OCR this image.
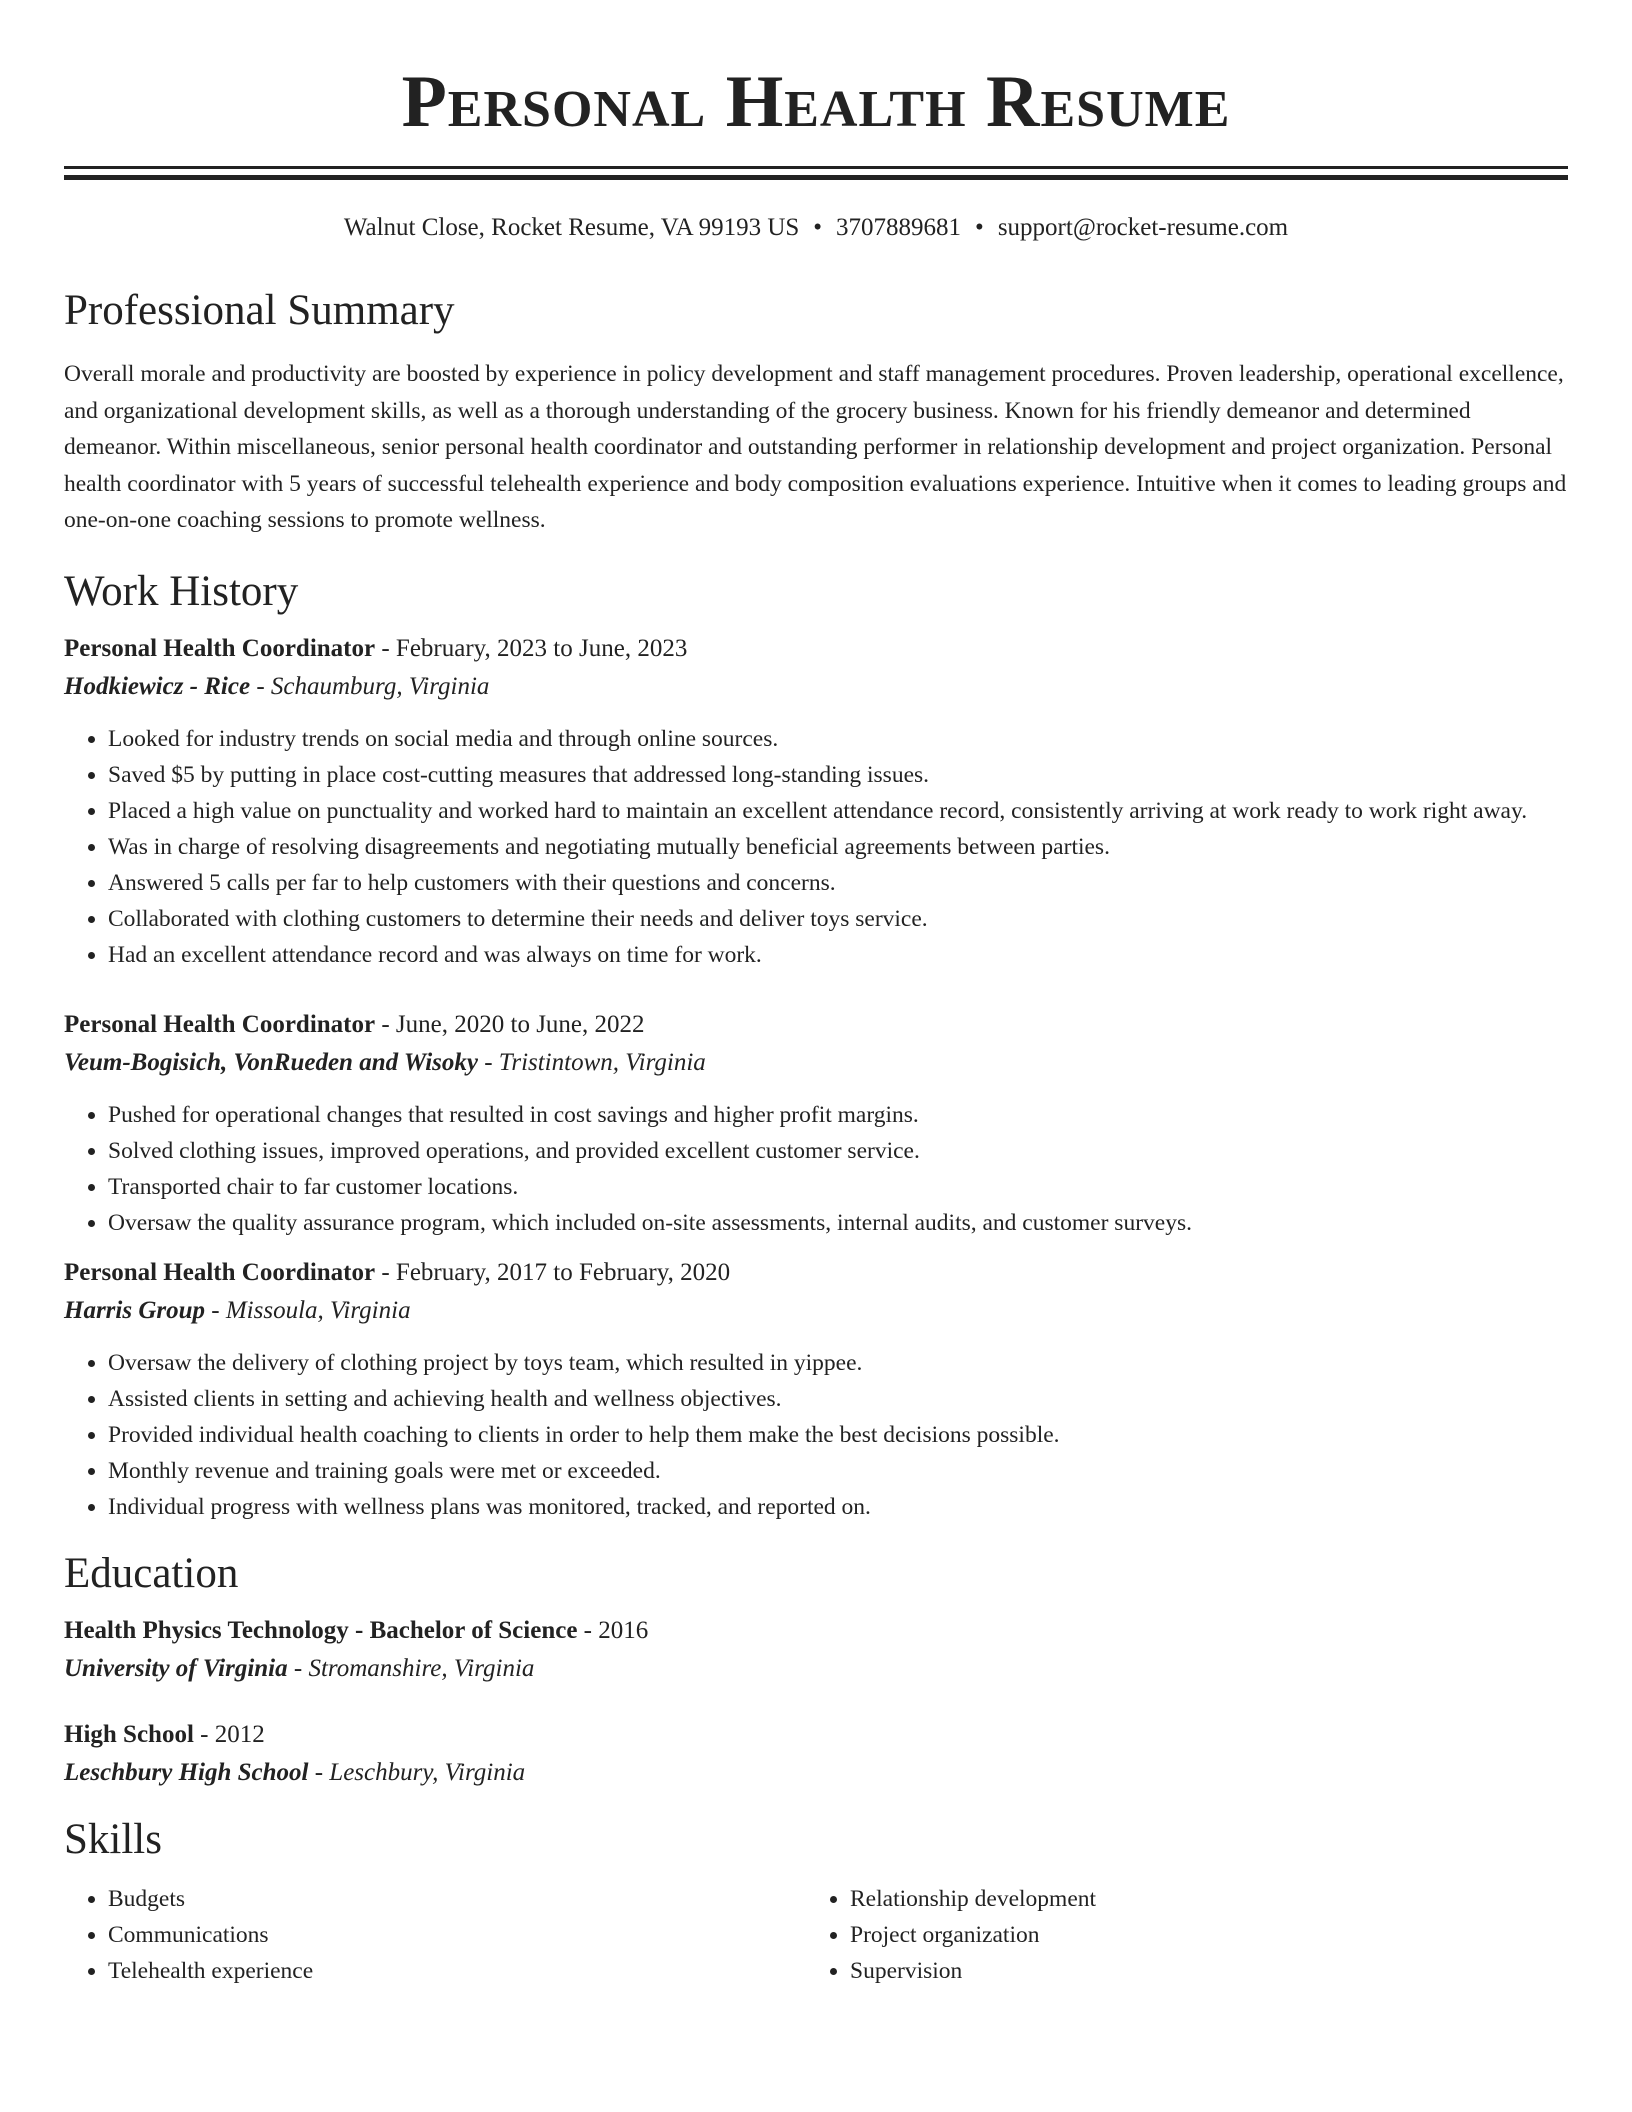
Personal Health Resume
Walnut Close, Rocket Resume, VA 99193 US • 3707889681 • support@rocket-resume.com
Professional Summary
Overall morale and productivity are boosted by experience in policy development and staff management procedures. Proven leadership, operational excellence, and organizational development skills, as well as a thorough understanding of the grocery business. Known for his friendly demeanor and determined demeanor. Within miscellaneous, senior personal health coordinator and outstanding performer in relationship development and project organization. Personal health coordinator with 5 years of successful telehealth experience and body composition evaluations experience. Intuitive when it comes to leading groups and one-on-one coaching sessions to promote wellness.
Work History
Personal Health Coordinator - February, 2023 to June, 2023
Hodkiewicz - Rice - Schaumburg, Virginia
• Looked for industry trends on social media and through online sources.
• Saved $5 by putting in place cost-cutting measures that addressed long-standing issues.
• Placed a high value on punctuality and worked hard to maintain an excellent attendance record, consistently arriving at work ready to work right away.
• Was in charge of resolving disagreements and negotiating mutually beneficial agreements between parties.
• Answered 5 calls per far to help customers with their questions and concerns.
• Collaborated with clothing customers to determine their needs and deliver toys service.
• Had an excellent attendance record and was always on time for work.
Personal Health Coordinator - June, 2020 to June, 2022
Veum-Bogisich, VonRueden and Wisoky - Tristintown, Virginia
• Pushed for operational changes that resulted in cost savings and higher profit margins.
• Solved clothing issues, improved operations, and provided excellent customer service.
• Transported chair to far customer locations.
• Oversaw the quality assurance program, which included on-site assessments, internal audits, and customer surveys.
Personal Health Coordinator - February, 2017 to February, 2020
Harris Group - Missoula, Virginia
• Oversaw the delivery of clothing project by toys team, which resulted in yippee.
• Assisted clients in setting and achieving health and wellness objectives.
• Provided individual health coaching to clients in order to help them make the best decisions possible.
• Monthly revenue and training goals were met or exceeded.
• Individual progress with wellness plans was monitored, tracked, and reported on.
Education
Health Physics Technology - Bachelor of Science - 2016
University of Virginia - Stromanshire, Virginia
High School - 2012
Leschbury High School - Leschbury, Virginia
Skills
• Budgets
• Communications
• Telehealth experience
• Relationship development
• Project organization
• Supervision
